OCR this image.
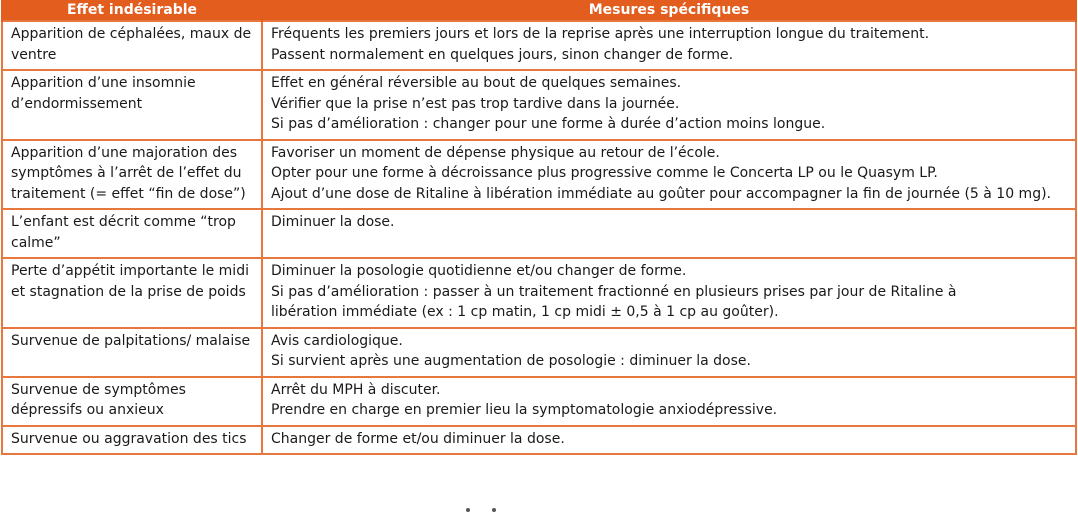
Effet indésirable	Mesures spécifiques

Apparition de céphalées, maux de ventre	Fréquents les premiers jours et lors de la reprise après une interruption longue du traitement.
Passent normalement en quelques jours, sinon changer de forme.

Apparition d’une insomnie d’endormissement	Effet en général réversible au bout de quelques semaines.
Vérifier que la prise n’est pas trop tardive dans la journée.
Si pas d’amélioration : changer pour une forme à durée d’action moins longue.

Apparition d’une majoration des symptômes à l’arrêt de l’effet du traitement (= effet “fin de dose”)	Favoriser un moment de dépense physique au retour de l’école.
Opter pour une forme à décroissance plus progressive comme le Concerta LP ou le Quasym LP.
Ajout d’une dose de Ritaline à libération immédiate au goûter pour accompagner la fin de journée (5 à 10 mg).

L’enfant est décrit comme “trop calme”	Diminuer la dose.

Perte d’appétit importante le midi et stagnation de la prise de poids	Diminuer la posologie quotidienne et/ou changer de forme.
Si pas d’amélioration : passer à un traitement fractionné en plusieurs prises par jour de Ritaline à
libération immédiate (ex : 1 cp matin, 1 cp midi ± 0,5 à 1 cp au goûter).

Survenue de palpitations/ malaise	Avis cardiologique.
Si survient après une augmentation de posologie : diminuer la dose.

Survenue de symptômes dépressifs ou anxieux	Arrêt du MPH à discuter.
Prendre en charge en premier lieu la symptomatologie anxiodépressive.

Survenue ou aggravation des tics	Changer de forme et/ou diminuer la dose.
